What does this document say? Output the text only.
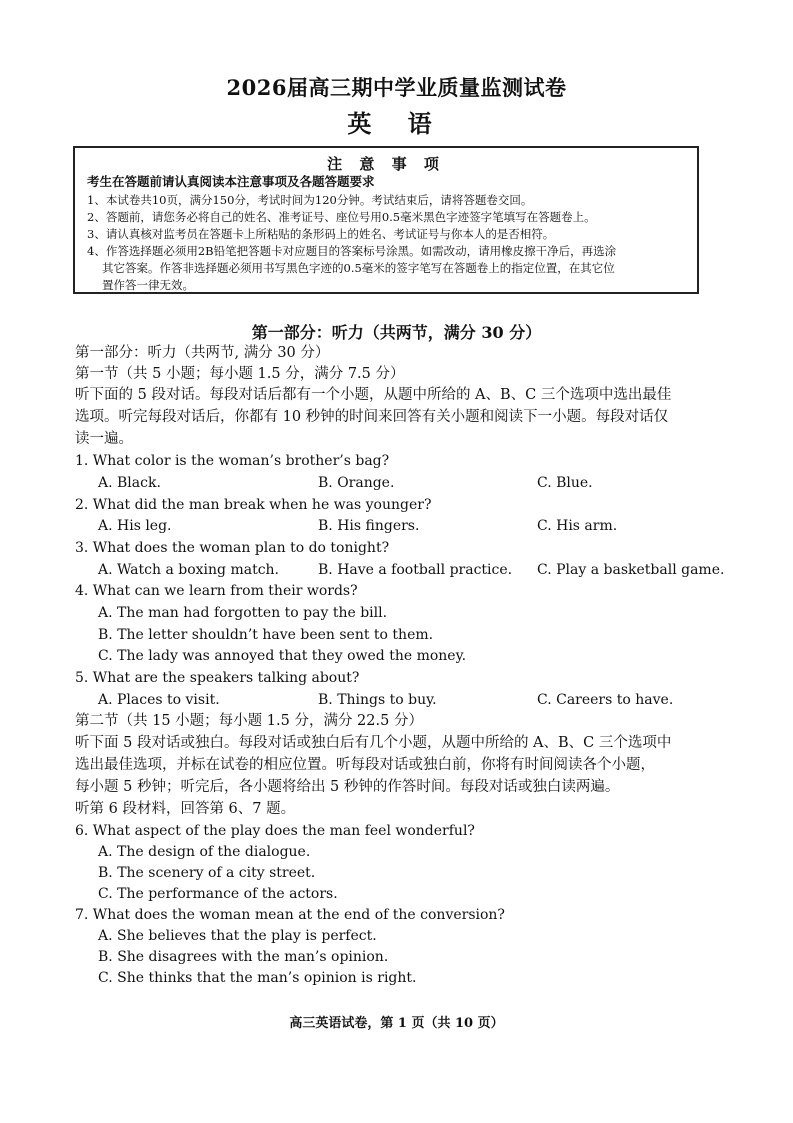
2026届高三期中学业质量监测试卷
英 语
注 意 事 项
考生在答题前请认真阅读本注意事项及各题答题要求
1、本试卷共10页，满分150分，考试时间为120分钟。考试结束后，请将答题卷交回。
2、答题前，请您务必将自己的姓名、准考证号、座位号用0.5毫米黑色字迹签字笔填写在答题卷上。
3、请认真核对监考员在答题卡上所粘贴的条形码上的姓名、考试证号与你本人的是否相符。
4、作答选择题必须用2B铅笔把答题卡对应题目的答案标号涂黑。如需改动，请用橡皮擦干净后，再选涂
其它答案。作答非选择题必须用书写黑色字迹的0.5毫米的签字笔写在答题卷上的指定位置，在其它位
置作答一律无效。
第一部分：听力（共两节，满分 30 分）
第一部分：听力（共两节, 满分 30 分）
第一节（共 5 小题；每小题 1.5 分，满分 7.5 分）
听下面的 5 段对话。每段对话后都有一个小题，从题中所给的 A、B、C 三个选项中选出最佳
选项。听完每段对话后，你都有 10 秒钟的时间来回答有关小题和阅读下一小题。每段对话仅
读一遍。
1. What color is the woman’s brother’s bag?
A. Black.	B. Orange.	C. Blue.
2. What did the man break when he was younger?
A. His leg.	B. His fingers.	C. His arm.
3. What does the woman plan to do tonight?
A. Watch a boxing match.	B. Have a football practice. C. Play a basketball game.
4. What can we learn from their words?
A. The man had forgotten to pay the bill.
B. The letter shouldn’t have been sent to them.
C. The lady was annoyed that they owed the money.
5. What are the speakers talking about?
A. Places to visit.	B. Things to buy.	C. Careers to have.
第二节（共 15 小题；每小题 1.5 分，满分 22.5 分）
听下面 5 段对话或独白。每段对话或独白后有几个小题，从题中所给的 A、B、C 三个选项中
选出最佳选项，并标在试卷的相应位置。听每段对话或独白前，你将有时间阅读各个小题，
每小题 5 秒钟；听完后，各小题将给出 5 秒钟的作答时间。每段对话或独白读两遍。
听第 6 段材料，回答第 6、7 题。
6. What aspect of the play does the man feel wonderful?
A. The design of the dialogue.
B. The scenery of a city street.
C. The performance of the actors.
7. What does the woman mean at the end of the conversion?
A. She believes that the play is perfect.
B. She disagrees with the man’s opinion.
C. She thinks that the man’s opinion is right.
高三英语试卷，第 1 页（共 10 页）
